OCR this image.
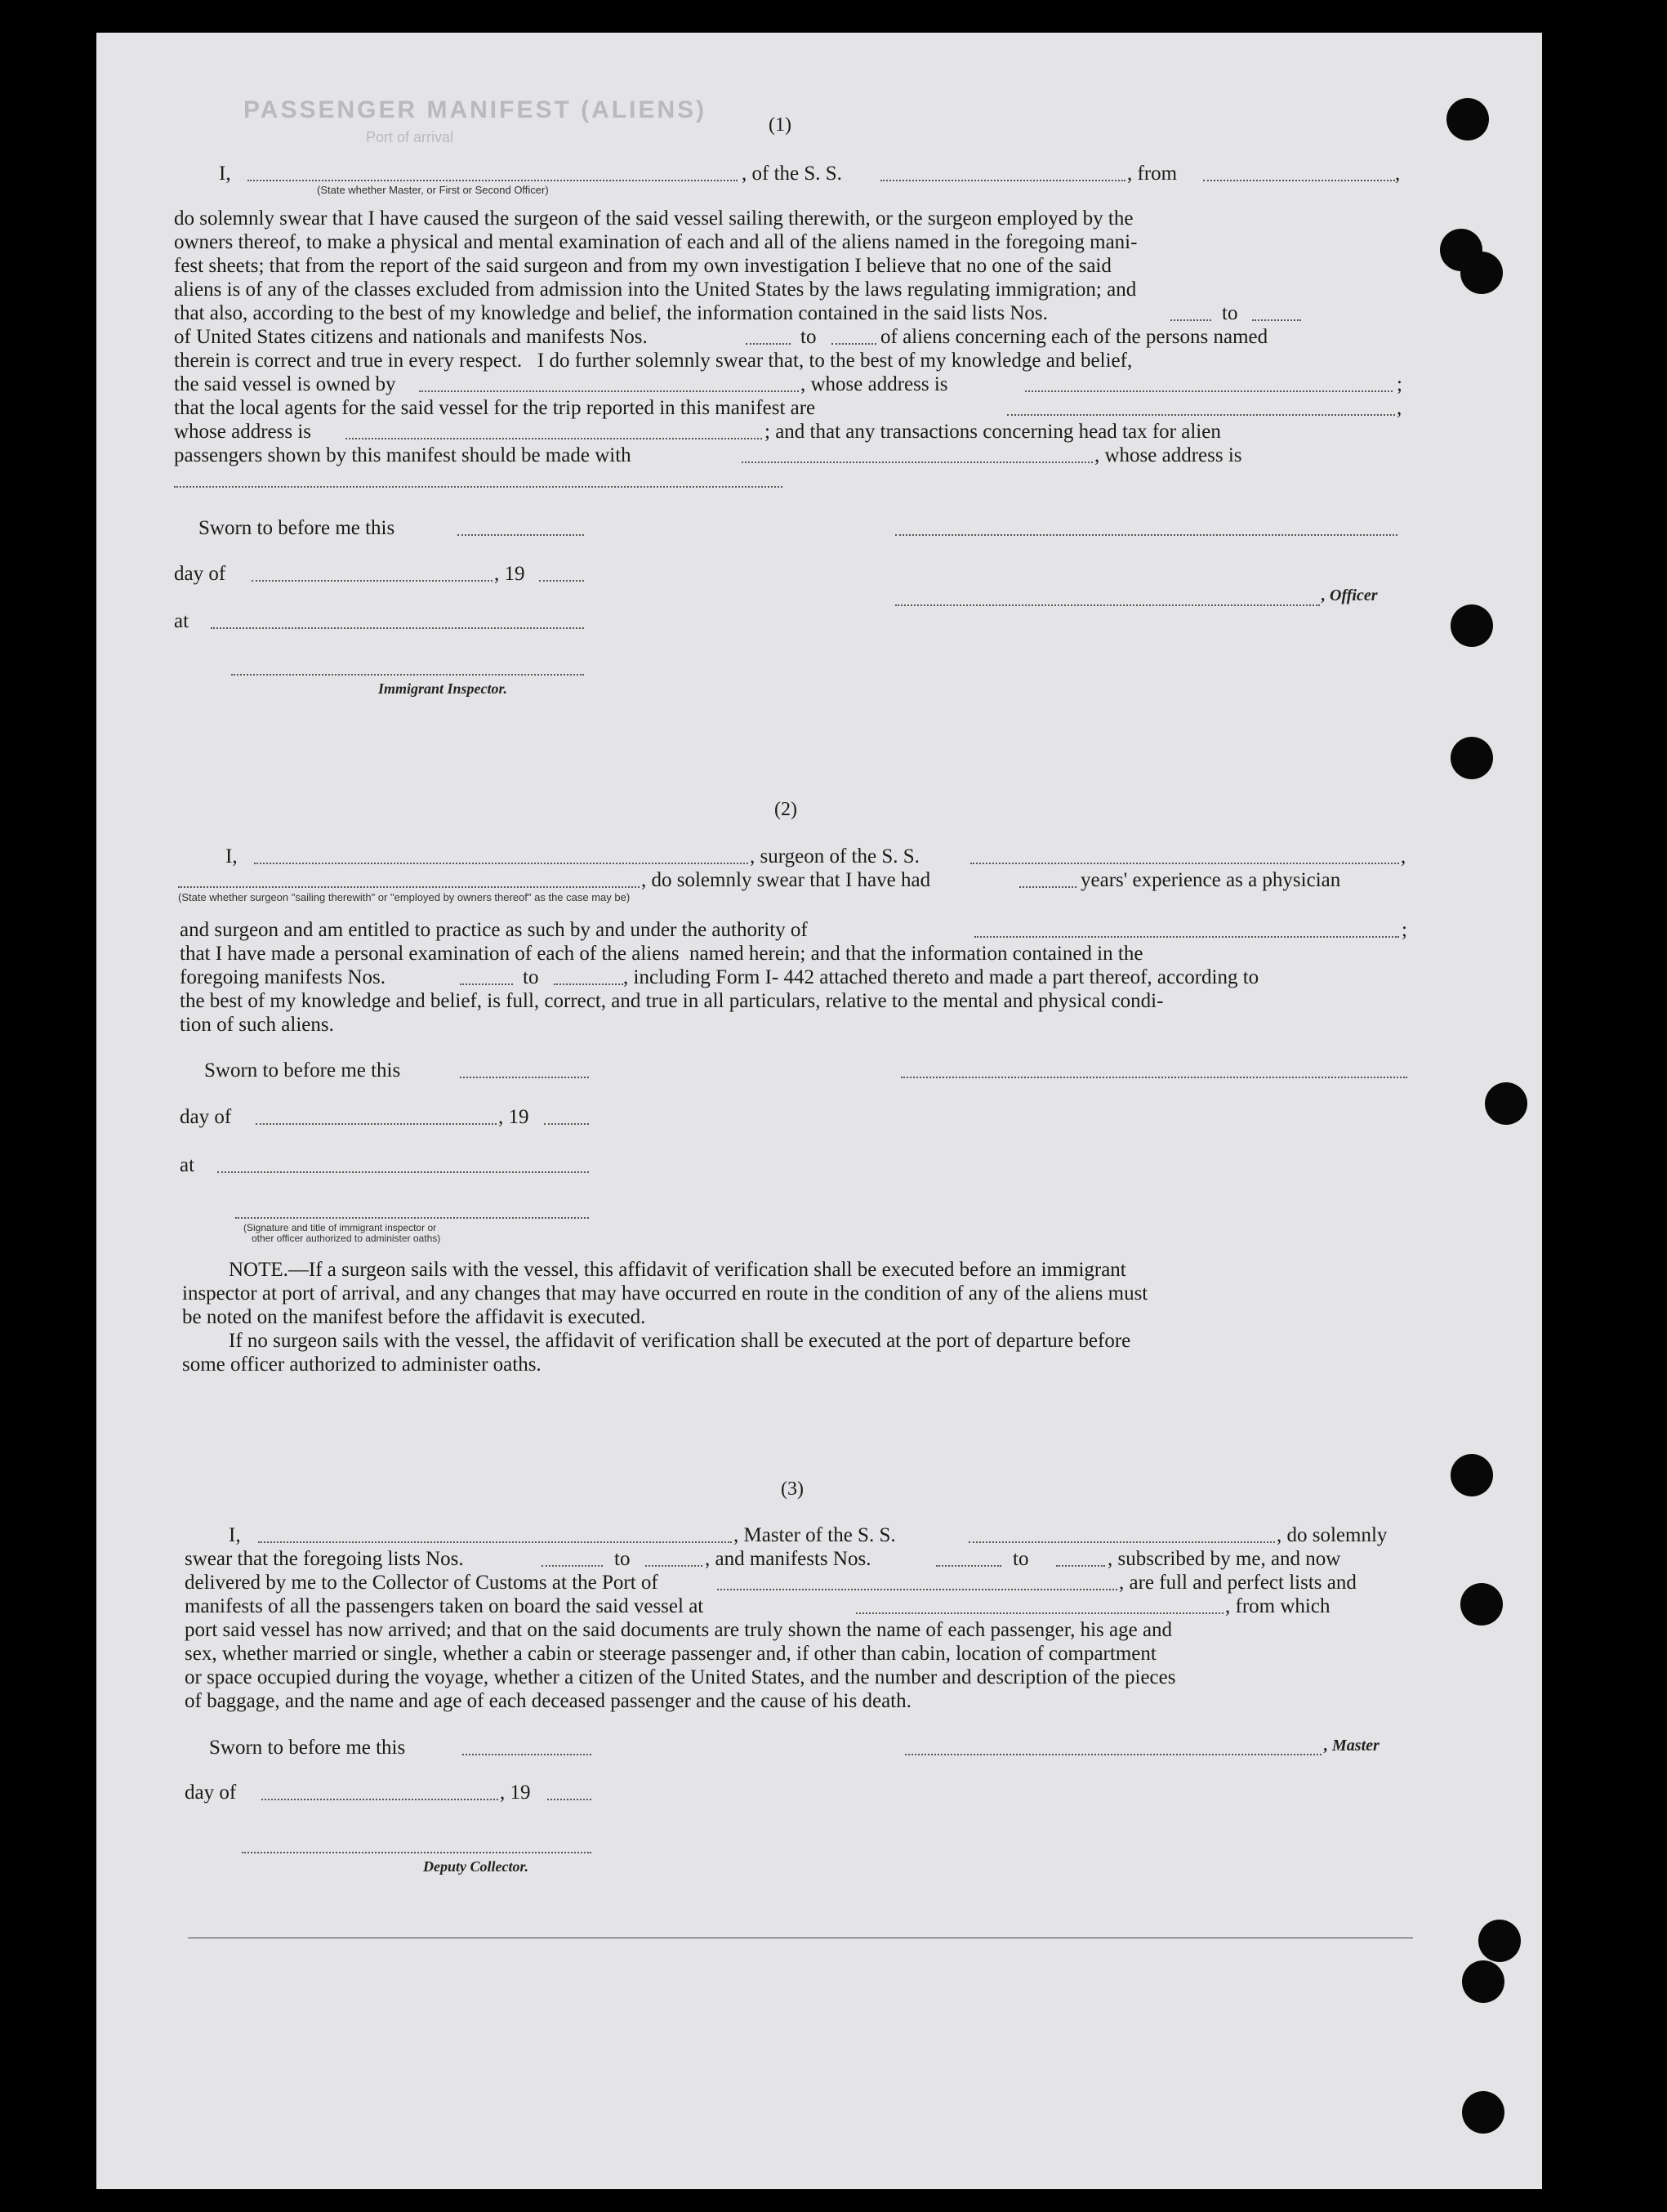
PASSENGER MANIFEST (ALIENS)
Port of arrival
(1)
I,	, of the S. S.	, from	,
(State whether Master, or First or Second Officer)
do solemnly swear that I have caused the surgeon of the said vessel sailing therewith, or the surgeon employed by the
owners thereof, to make a physical and mental examination of each and all of the aliens named in the foregoing mani-
fest sheets; that from the report of the said surgeon and from my own investigation I believe that no one of the said
aliens is of any of the classes excluded from admission into the United States by the laws regulating immigration; and
that also, according to the best of my knowledge and belief, the information contained in the said lists Nos.	to
of United States citizens and nationals and manifests Nos.	to	of aliens concerning each of the persons named
therein is correct and true in every respect.   I do further solemnly swear that, to the best of my knowledge and belief,
the said vessel is owned by	, whose address is	;
that the local agents for the said vessel for the trip reported in this manifest are	,
whose address is	; and that any transactions concerning head tax for alien
passengers shown by this manifest should be made with	, whose address is
Sworn to before me this
day of	, 19
, Officer
at
Immigrant Inspector.
(2)
I,	, surgeon of the S. S.	,
, do solemnly swear that I have had	years' experience as a physician
(State whether surgeon "sailing therewith" or "employed by owners thereof" as the case may be)
and surgeon and am entitled to practice as such by and under the authority of	;
that I have made a personal examination of each of the aliens  named herein; and that the information contained in the
foregoing manifests Nos.	to	, including Form I- 442 attached thereto and made a part thereof, according to
the best of my knowledge and belief, is full, correct, and true in all particulars, relative to the mental and physical condi-
tion of such aliens.
Sworn to before me this
day of	, 19
at
(Signature and title of immigrant inspector or
other officer authorized to administer oaths)
NOTE.—If a surgeon sails with the vessel, this affidavit of verification shall be executed before an immigrant
inspector at port of arrival, and any changes that may have occurred en route in the condition of any of the aliens must
be noted on the manifest before the affidavit is executed.
If no surgeon sails with the vessel, the affidavit of verification shall be executed at the port of departure before
some officer authorized to administer oaths.
(3)
I,	, Master of the S. S.	, do solemnly
swear that the foregoing lists Nos.	to	, and manifests Nos.	to	, subscribed by me, and now
delivered by me to the Collector of Customs at the Port of	, are full and perfect lists and
manifests of all the passengers taken on board the said vessel at	, from which
port said vessel has now arrived; and that on the said documents are truly shown the name of each passenger, his age and
sex, whether married or single, whether a cabin or steerage passenger and, if other than cabin, location of compartment
or space occupied during the voyage, whether a citizen of the United States, and the number and description of the pieces
of baggage, and the name and age of each deceased passenger and the cause of his death.
Sworn to before me this	, Master
day of	, 19
Deputy Collector.
